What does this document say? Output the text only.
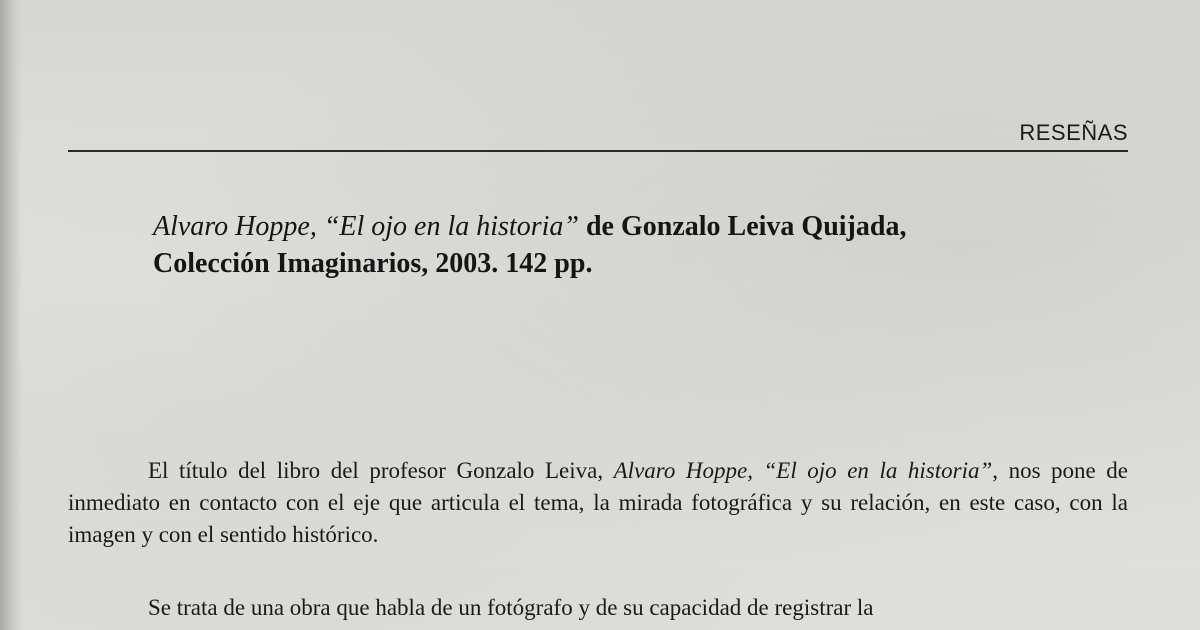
RESEÑAS
Alvaro Hoppe, “El ojo en la historia” de Gonzalo Leiva Quijada,
Colección Imaginarios, 2003. 142 pp.
El título del libro del profesor Gonzalo Leiva, Alvaro Hoppe, “El ojo en la historia”, nos pone de inmediato en contacto con el eje que articula el tema, la mirada fotográfica y su relación, en este caso, con la imagen y con el sentido histórico.
Se trata de una obra que habla de un fotógrafo y de su capacidad de registrar la
